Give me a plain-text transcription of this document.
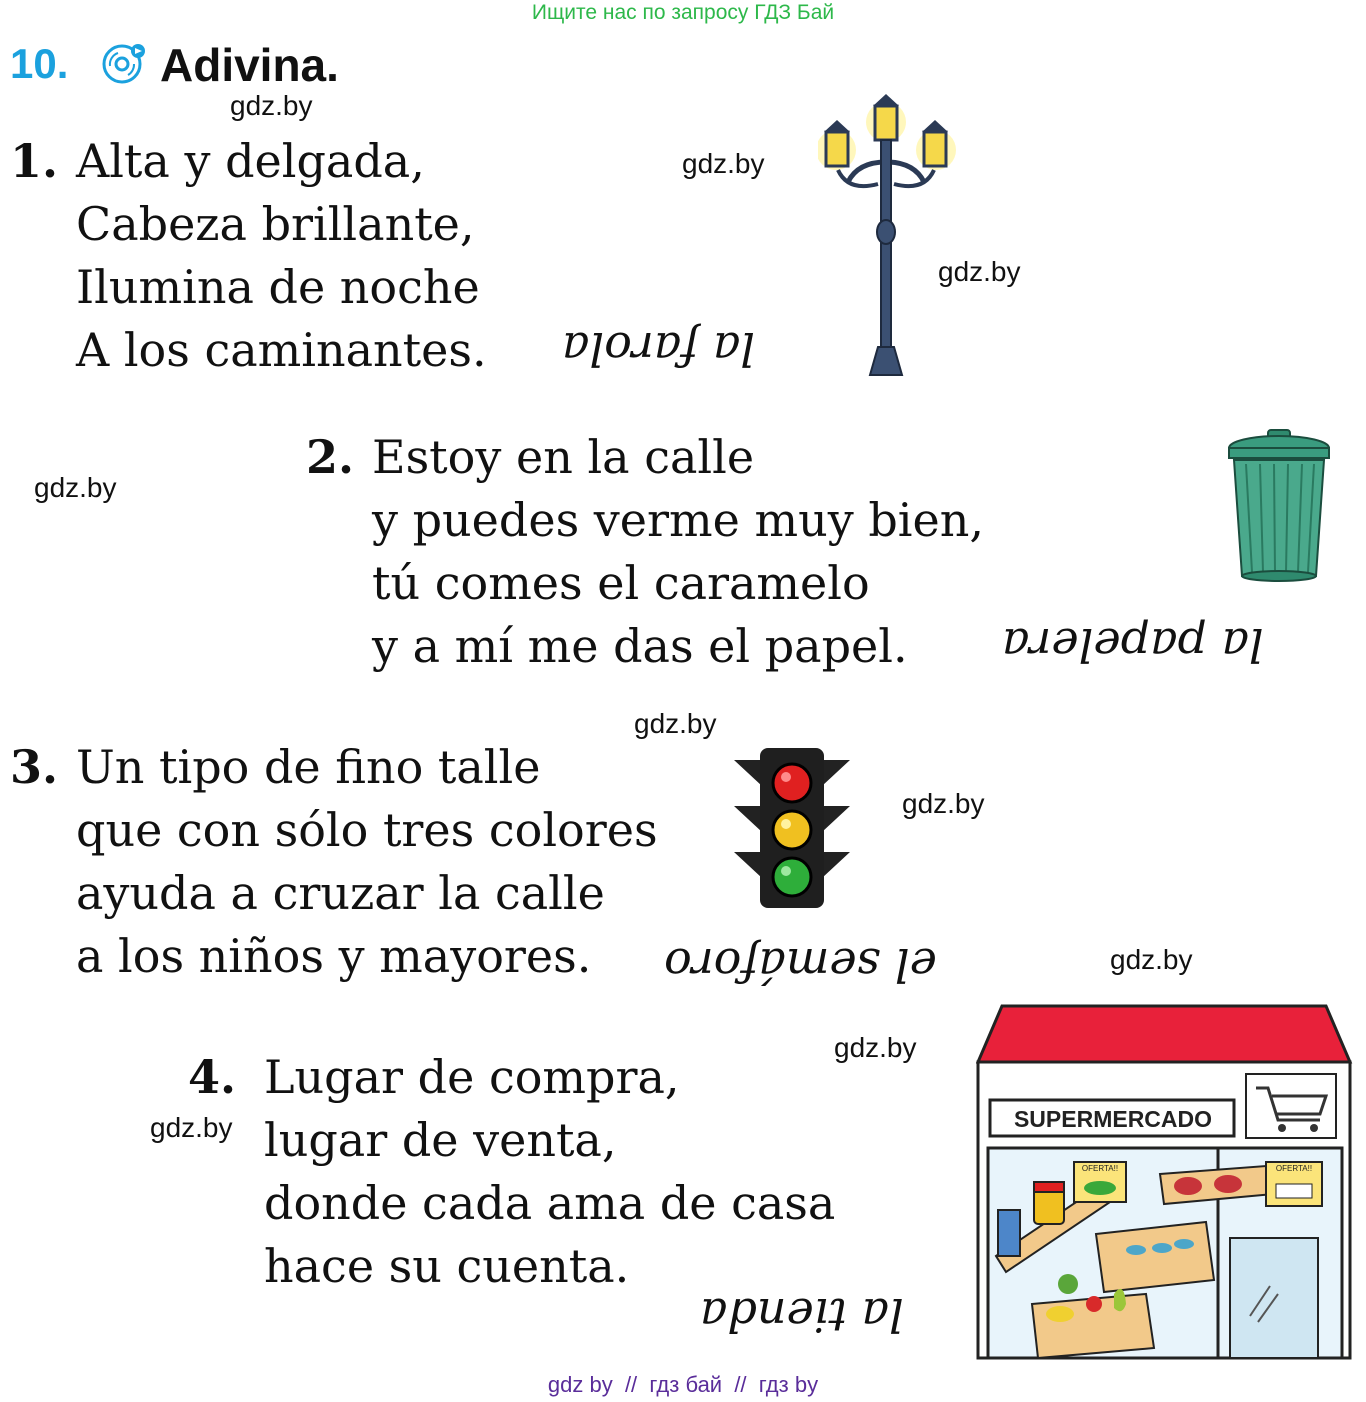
Ищите нас по запросу ГДЗ Бай
10. Adivina.
gdz.by
gdz.by
gdz.by
gdz.by
gdz.by
gdz.by
gdz.by
gdz.by
gdz.by
1. Alta y delgada,
Cabeza brillante,
Ilumina de noche
A los caminantes. la farola
2. Estoy en la calle
y puedes verme muy bien,
tú comes el caramelo
y a mí me das el papel.	la papelera
3. Un tipo de fino talle
que con sólo tres colores
ayuda a cruzar la calle
a los niños y mayores.	el semáforo
4. Lugar de compra,
lugar de venta,
donde cada ama de casa
hace su cuenta.
la tienda
SUPERMERCADO
OFERTA!!	OFERTA!!
gdz by  //  гдз бай  //  гдз by
